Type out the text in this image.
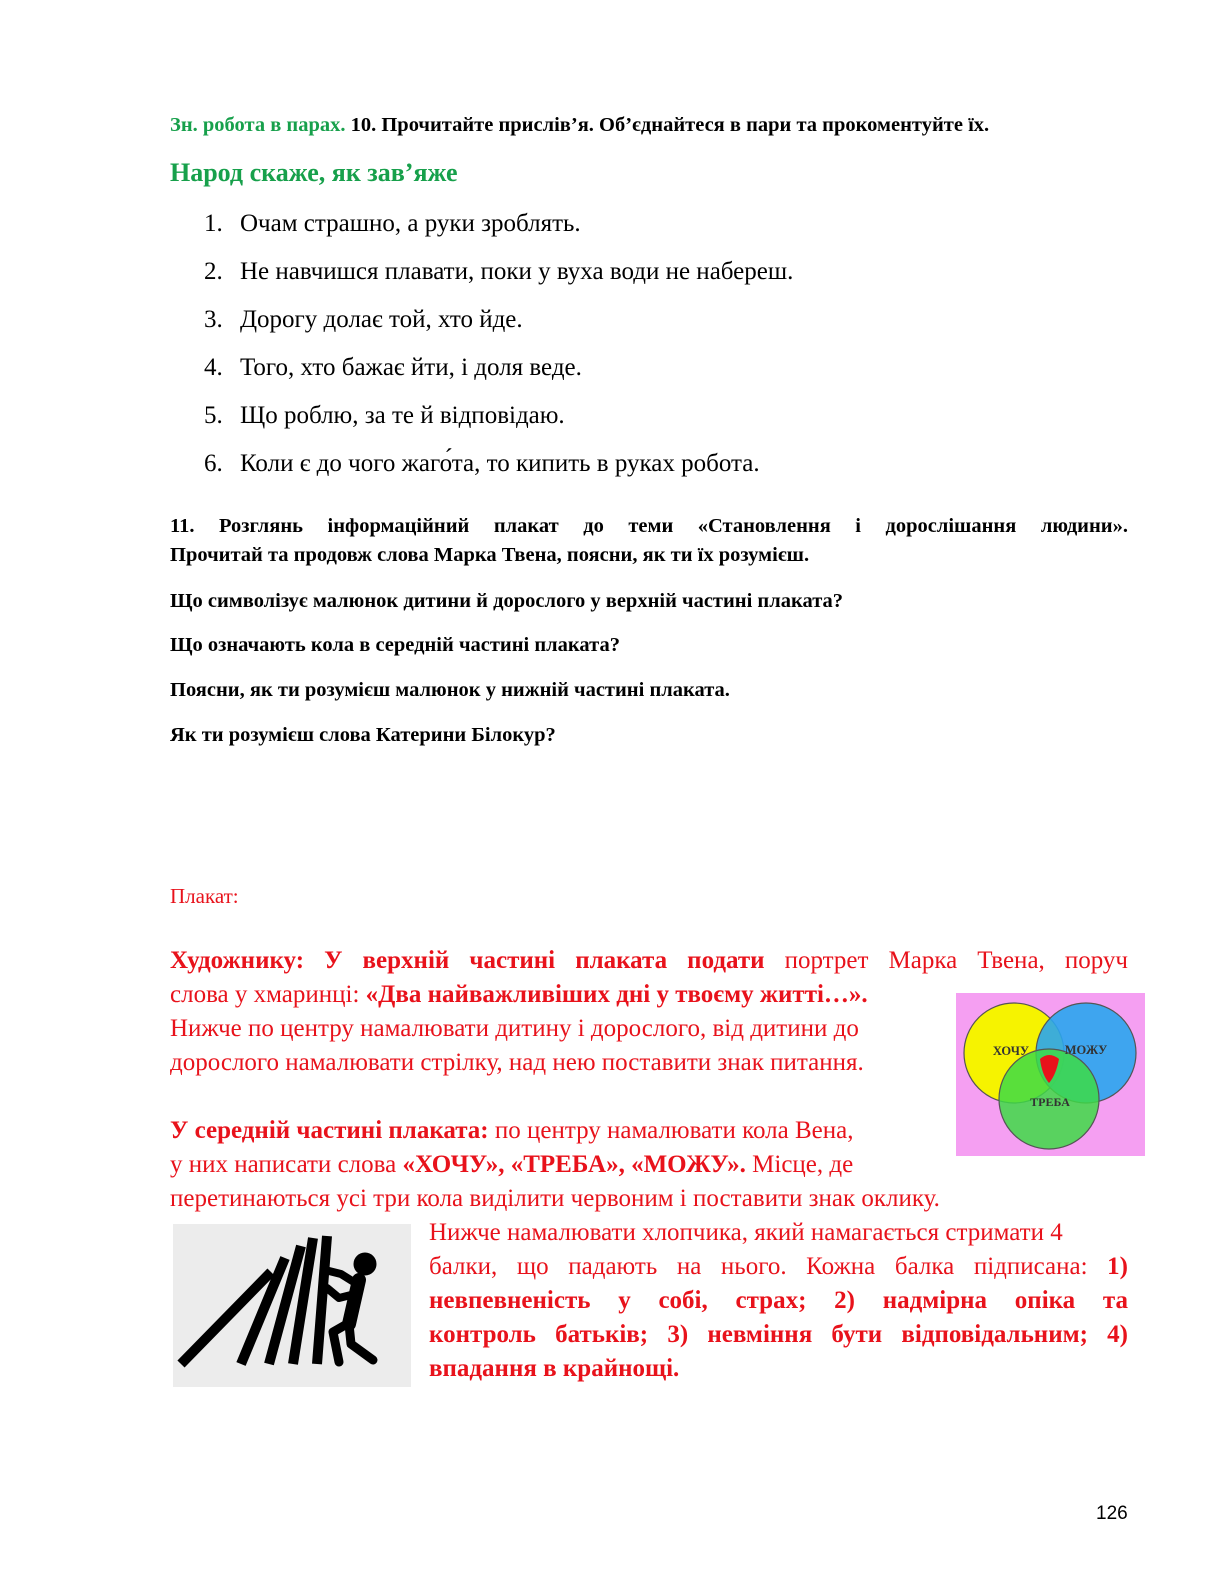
Зн. робота в парах. 10. Прочитайте прислів’я. Об’єднайтеся в пари та прокоментуйте їх.
Народ скаже, як зав’яже
1. Очам страшно, а руки зроблять.
2. Не навчишся плавати, поки у вуха води не набереш.
3. Дорогу долає той, хто йде.
4. Того, хто бажає йти, і доля веде.
5. Що роблю, за те й відповідаю.
6. Коли є до чого жаго́та, то кипить в руках робота.
11. Розглянь інформаційний плакат до теми «Становлення і дорослішання людини».
Прочитай та продовж слова Марка Твена, поясни, як ти їх розумієш.
Що символізує малюнок дитини й дорослого у верхній частині плаката?
Що означають кола в середній частині плаката?
Поясни, як ти розумієш малюнок у нижній частині плаката.
Як ти розумієш слова Катерини Білокур?
Плакат:
Художнику: У верхній частині плаката подати портрет Марка Твена, поруч
слова у хмаринці: «Два найважливіших дні у твоєму житті…».
Нижче по центру намалювати дитину і дорослого, від дитини до
дорослого намалювати стрілку, над нею поставити знак питання.
У середній частині плаката: по центру намалювати кола Вена,
у них написати слова «ХОЧУ», «ТРЕБА», «МОЖУ». Місце, де
перетинаються усі три кола виділити червоним і поставити знак оклику.
Нижче намалювати хлопчика, який намагається стримати 4
балки, що падають на нього. Кожна балка підписана: 1)
невпевненість у собі, страх; 2) надмірна опіка та
контроль батьків; 3) невміння бути відповідальним; 4)
впадання в крайнощі.
ХОЧУ	МОЖУ
ТРЕБА
126
